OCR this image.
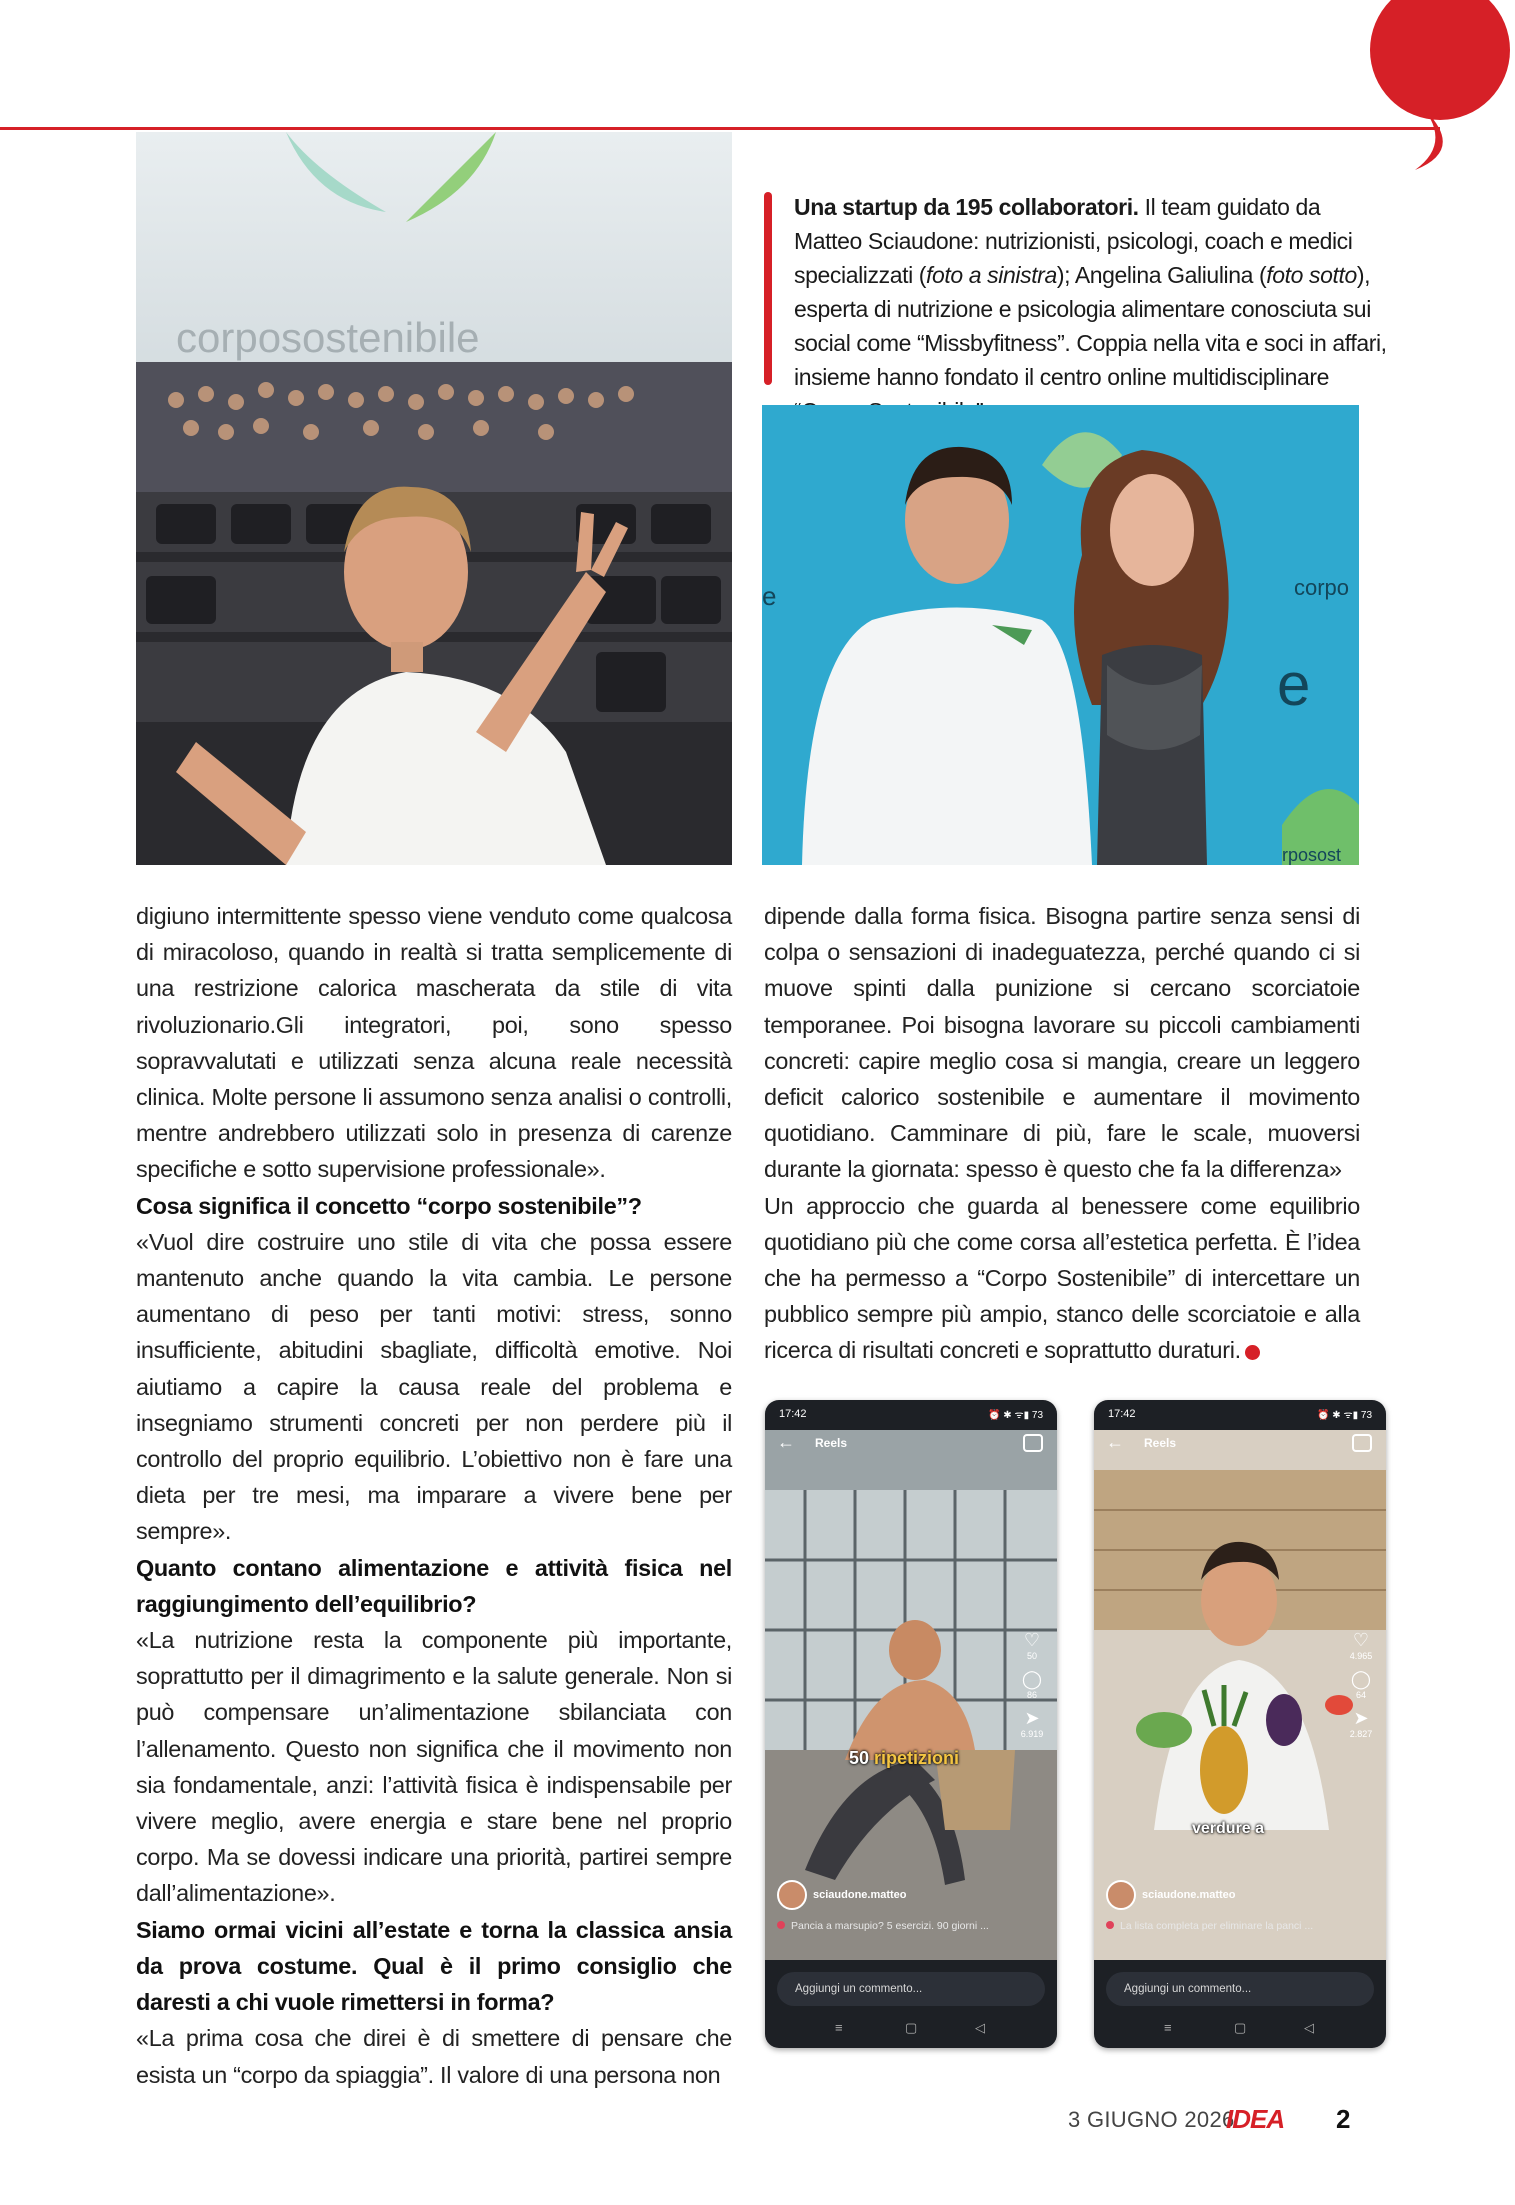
corposostenibile
Una startup da 195 collaboratori. Il team guidato da Matteo Sciaudone: nutrizionisti, psicologi, coach e medici specializzati (foto a sinistra); Angelina Galiulina (foto sotto), esperta di nutrizione e psicologia alimentare conosciuta sui social come “Missbyfitness”. Coppia nella vita e soci in affari, insieme hanno fondato il centro online multidisciplinare
e	corpo
e
rposost

digiuno intermittente spesso viene venduto come qualcosa di miracoloso, quando in realtà si tratta semplicemente di una restrizione calorica mascherata da stile di vita rivoluzionario.Gli integratori, poi, sono spesso sopravvalutati e utilizzati senza alcuna reale necessità clinica. Molte persone li assumono senza analisi o controlli, mentre andrebbero utilizzati solo in presenza di carenze specifiche e sotto supervisione professionale».

Cosa significa il concetto “corpo sostenibile”?

«Vuol dire costruire uno stile di vita che possa essere mantenuto anche quando la vita cambia. Le persone aumentano di peso per tanti motivi: stress, sonno insufficiente, abitudini sbagliate, difficoltà emotive. Noi aiutiamo a capire la causa reale del problema e insegniamo strumenti concreti per non perdere più il controllo del proprio equilibrio. L’obiettivo non è fare una dieta per tre mesi, ma imparare a vivere bene per sempre».

Quanto contano alimentazione e attività fisica nel raggiungimento dell’equilibrio?

«La nutrizione resta la componente più importante, soprattutto per il dimagrimento e la salute generale. Non si può compensare un’alimentazione sbilanciata con l’allenamento. Questo non significa che il movimento non sia fondamentale, anzi: l’attività fisica è indispensabile per vivere meglio, avere energia e stare bene nel proprio corpo. Ma se dovessi indicare una priorità, partirei sempre dall’alimentazione».

Siamo ormai vicini all’estate e torna la classica ansia da prova costume. Qual è il primo consiglio che daresti a chi vuole rimettersi in forma?

«La prima cosa che direi è di smettere di pensare che esista un “corpo da spiaggia”. Il valore di una persona non

dipende dalla forma fisica. Bisogna partire senza sensi di colpa o sensazioni di inadeguatezza, perché quando ci si muove spinti dalla punizione si cercano scorciatoie temporanee. Poi bisogna lavorare su piccoli cambiamenti concreti: capire meglio cosa si mangia, creare un leggero deficit calorico sostenibile e aumentare il movimento quotidiano. Camminare di più, fare le scale, muoversi durante la giornata: spesso è questo che fa la differenza»

Un approccio che guarda al benessere come equilibrio quotidiano più che come corsa all’estetica perfetta. È l’idea che ha permesso a “Corpo Sostenibile” di intercettare un pubblico sempre più ampio, stanco delle scorciatoie e alla ricerca di risultati concreti e soprattutto duraturi.

17:42	⏰ ✱ ᯤ▮ 73
← Reels
50 ripetizioni
♡
50
◯
86
➤
6.919
sciaudone.matteo
Pancia a marsupio? 5 esercizi. 90 giorni ...
Aggiungi un commento...
≡	▢	◁
17:42	⏰ ✱ ᯤ▮ 73
← Reels
verdure a
♡
4.965
◯
64
➤
2.827
sciaudone.matteo
La lista completa per eliminare la panci ...
Aggiungi un commento...
≡	▢	◁
3 GIUGNO 2026
IDEA 2
